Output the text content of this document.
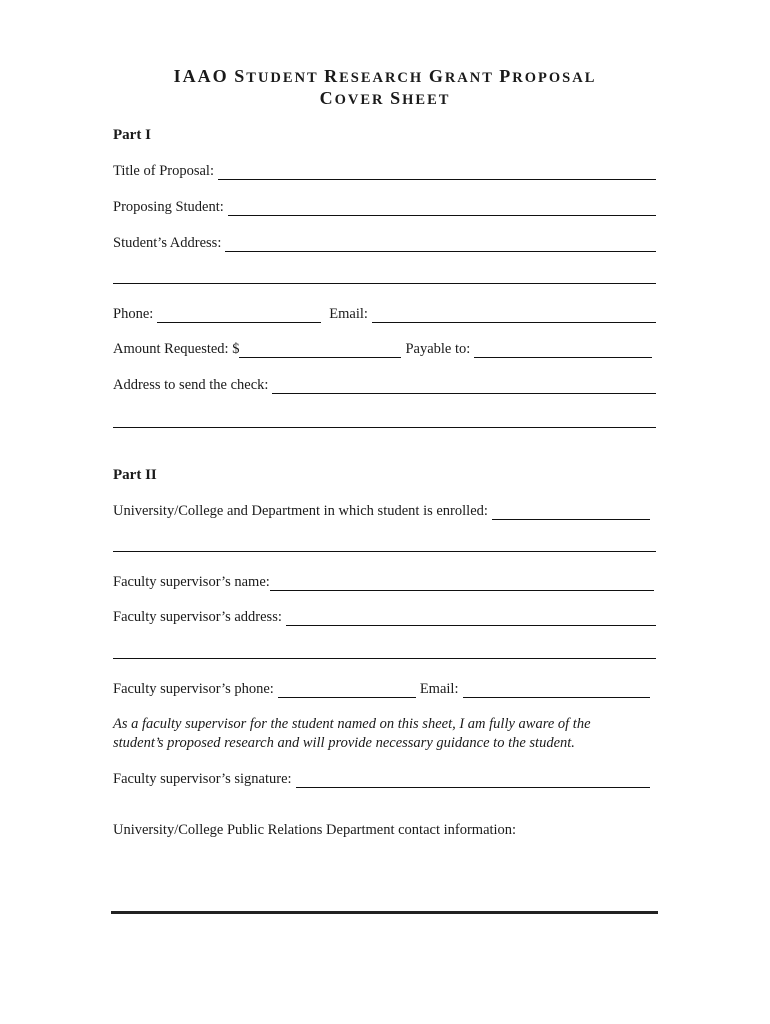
IAAO STUDENT RESEARCH GRANT PROPOSAL
COVER SHEET
Part I
Title of Proposal:
Proposing Student:
Student’s Address:
Phone:	Email:
Amount Requested: $	Payable to:
Address to send the check:
Part II
University/College and Department in which student is enrolled:
Faculty supervisor’s name:
Faculty supervisor’s address:
Faculty supervisor’s phone:	Email:
As a faculty supervisor for the student named on this sheet, I am fully aware of the
student’s proposed research and will provide necessary guidance to the student.
Faculty supervisor’s signature:
University/College Public Relations Department contact information:
